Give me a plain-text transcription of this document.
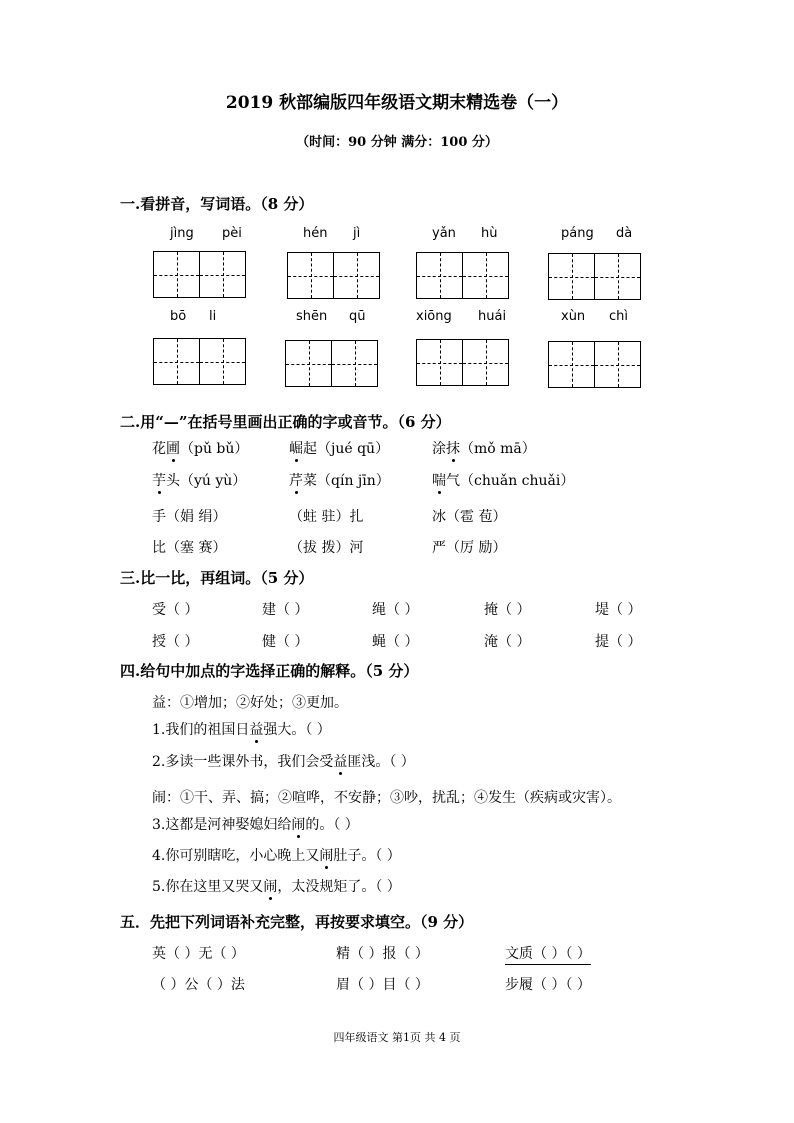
2019 秋部编版四年级语文期末精选卷（一）
（时间：90 分钟 满分：100 分）
一.看拼音，写词语。（8 分）
jìng pèi	hén jì	yǎn hù	páng dà
bō li	shēn qū	xiōng huái	xùn chì
二.用“—”在括号里画出正确的字或音节。（6 分）
花圃（pǔ bǔ）	崛起（jué qū）	涂抹（mǒ mā）
芋头（yú yù）	芹菜（qín jīn）	喘气（chuǎn chuǎi）
手（娟 绢）	（蛀 驻）扎	冰（雹 苞）
比（塞 赛）	（拔 拨）河	严（厉 励）
三.比一比，再组词。（5 分）
受（ ）	建（ ）	绳（ ）	掩（ ）	堤（ ）
授（ ）	健（ ）	蝇（ ）	淹（ ）	提（ ）
四.给句中加点的字选择正确的解释。（5 分）
益：①增加；②好处；③更加。
1.我们的祖国日益强大。（ ）
2.多读一些课外书，我们会受益匪浅。（ ）
闹：①干、弄、搞；②喧哗，不安静；③吵，扰乱；④发生（疾病或灾害）。
3.这都是河神娶媳妇给闹的。（ ）
4.你可别瞎吃，小心晚上又闹肚子。（ ）
5.你在这里又哭又闹，太没规矩了。（ ）
五．先把下列词语补充完整，再按要求填空。（9 分）
英（ ）无（ ）	精（ ）报（ ）	文质（ ）（ ）
（ ）公（ ）法	眉（ ）目（ ）	步履（ ）（ ）
四年级语文 第1页 共 4 页
